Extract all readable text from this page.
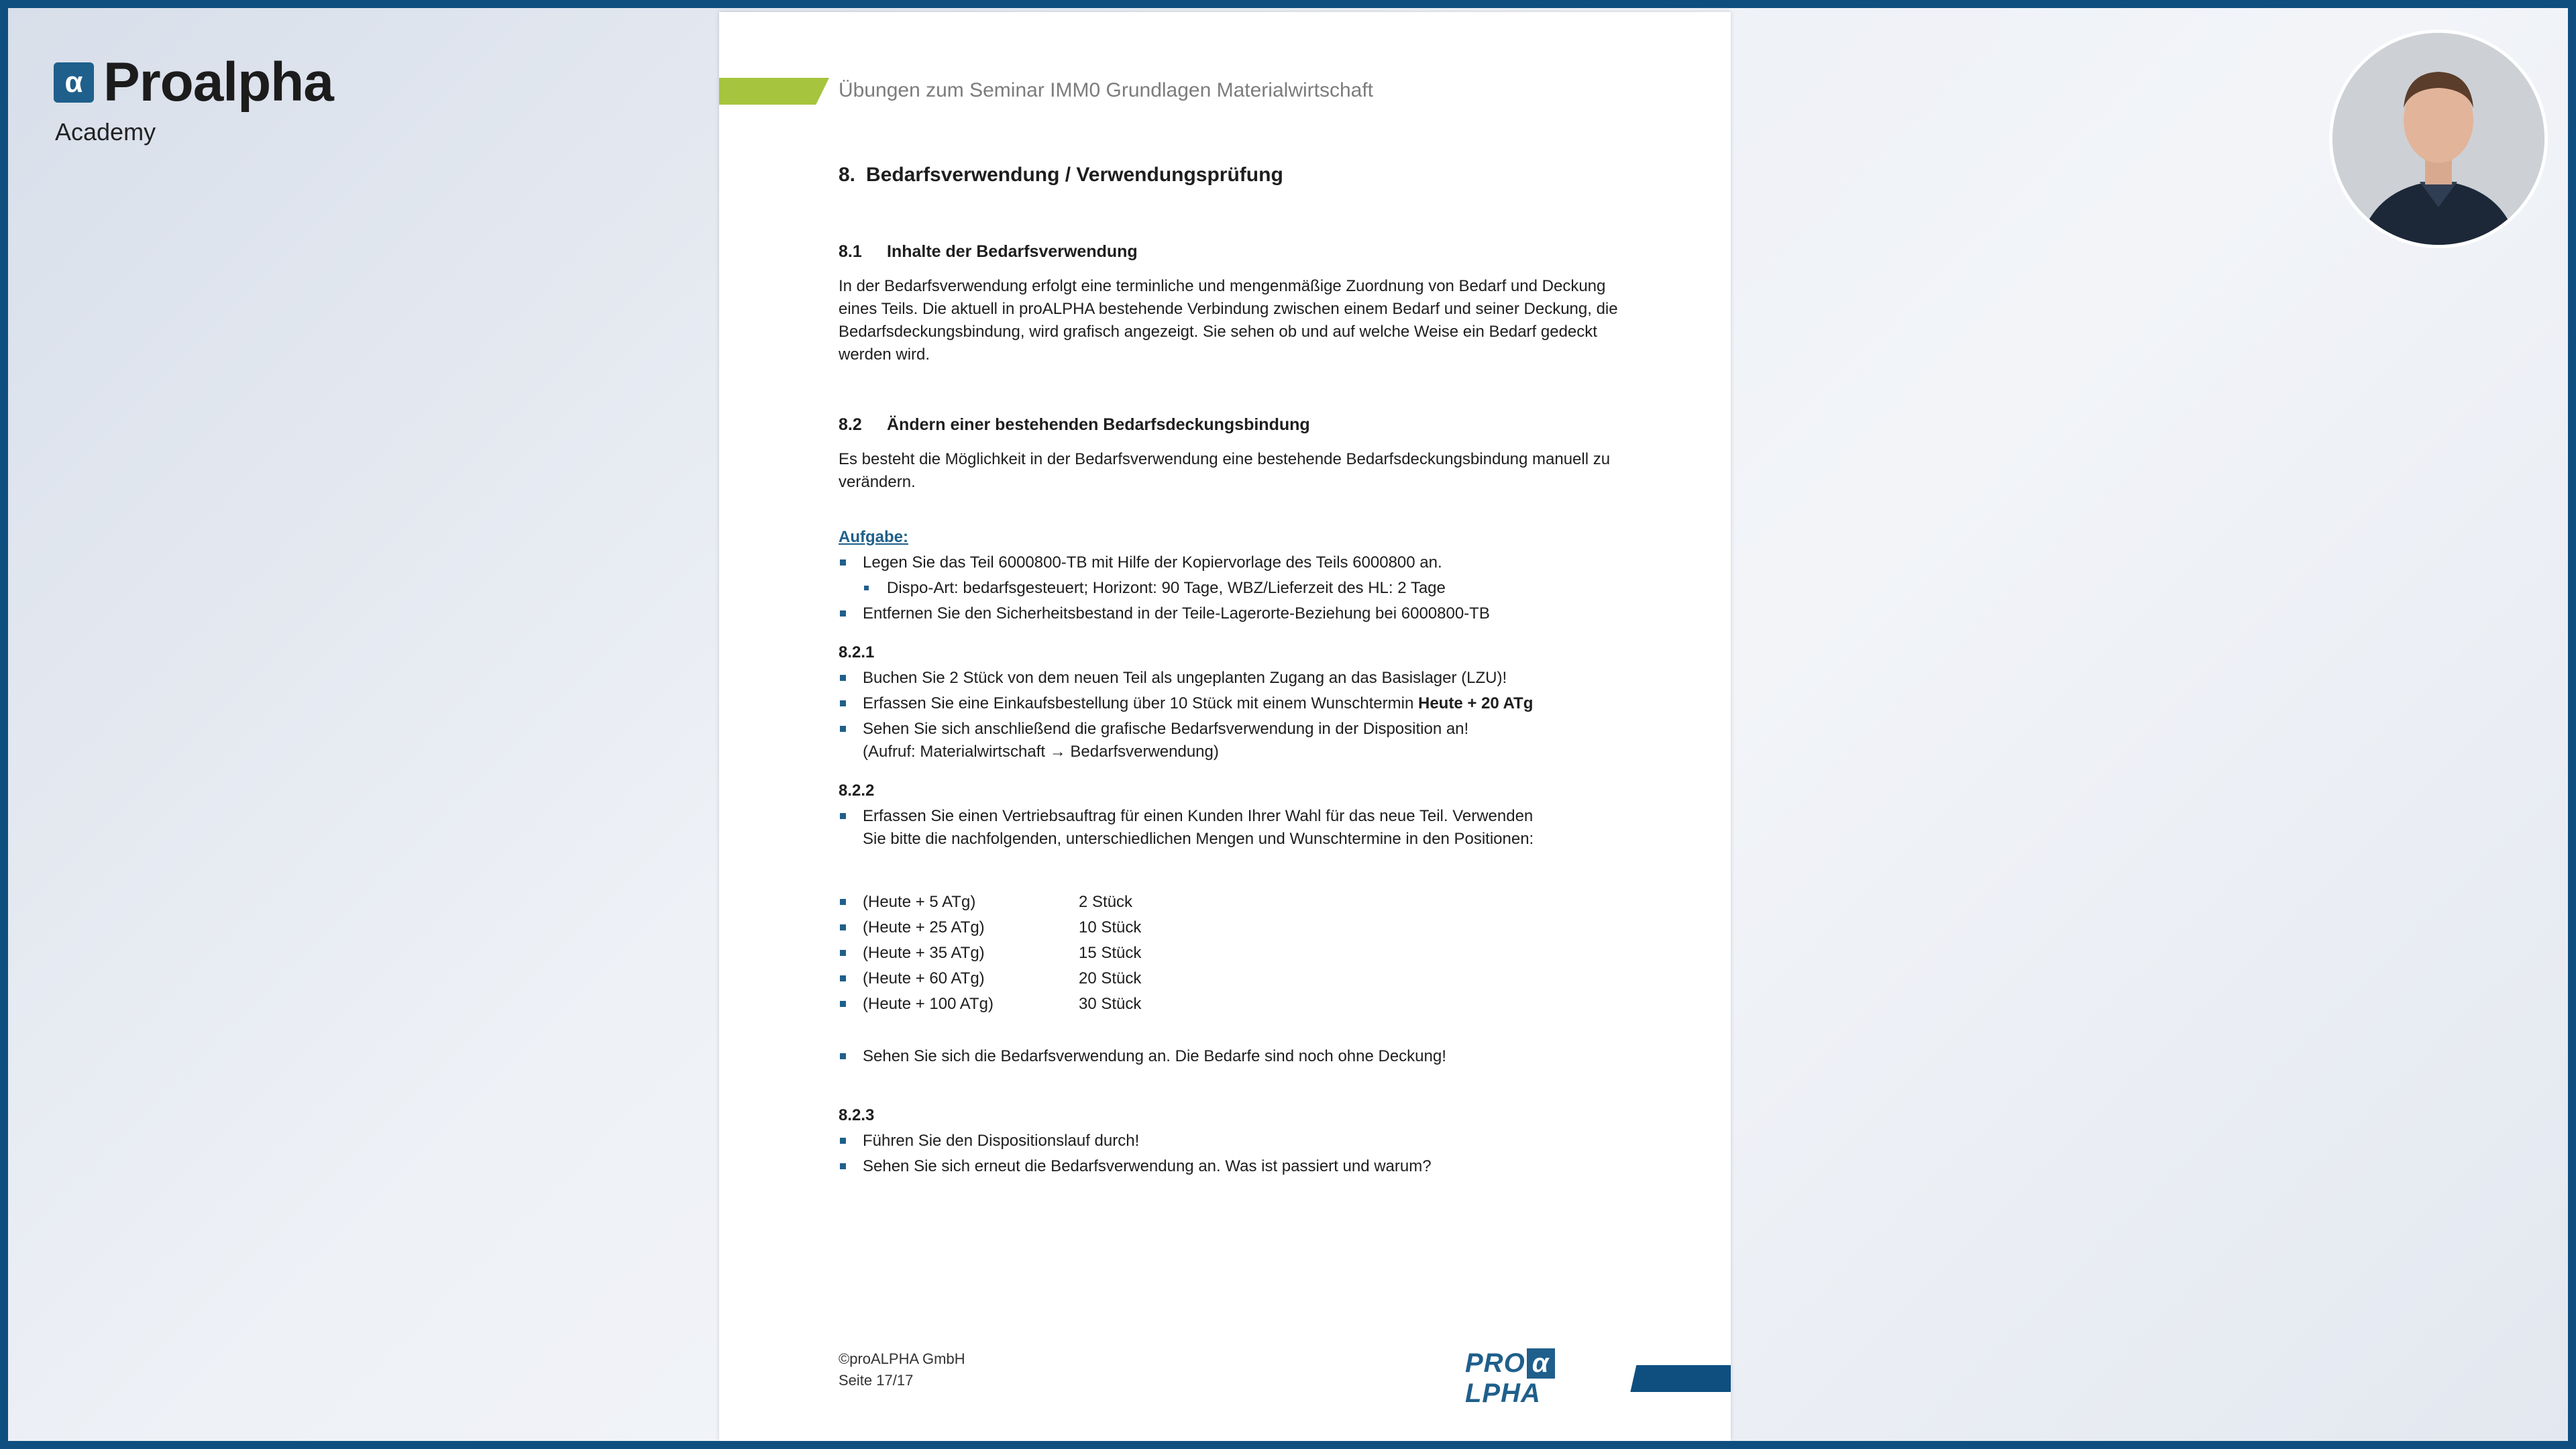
α Proalpha
Academy
Übungen zum Seminar IMM0 Grundlagen Materialwirtschaft
8. Bedarfsverwendung / Verwendungsprüfung
8.1 Inhalte der Bedarfsverwendung
In der Bedarfsverwendung erfolgt eine terminliche und mengenmäßige Zuordnung von Bedarf und Deckung eines Teils. Die aktuell in proALPHA bestehende Verbindung zwischen einem Bedarf und seiner Deckung, die Bedarfsdeckungsbindung, wird grafisch angezeigt. Sie sehen ob und auf welche Weise ein Bedarf gedeckt werden wird.
8.2 Ändern einer bestehenden Bedarfsdeckungsbindung
Es besteht die Möglichkeit in der Bedarfsverwendung eine bestehende Bedarfsdeckungsbindung manuell zu verändern.
Aufgabe:
Legen Sie das Teil 6000800-TB mit Hilfe der Kopiervorlage des Teils 6000800 an.
Dispo-Art: bedarfsgesteuert; Horizont: 90 Tage, WBZ/Lieferzeit des HL: 2 Tage
Entfernen Sie den Sicherheitsbestand in der Teile-Lagerorte-Beziehung bei 6000800-TB
8.2.1
Buchen Sie 2 Stück von dem neuen Teil als ungeplanten Zugang an das Basislager (LZU)!
Erfassen Sie eine Einkaufsbestellung über 10 Stück mit einem Wunschtermin Heute + 20 ATg
Sehen Sie sich anschließend die grafische Bedarfsverwendung in der Disposition an!
(Aufruf: Materialwirtschaft → Bedarfsverwendung)
8.2.2
Erfassen Sie einen Vertriebsauftrag für einen Kunden Ihrer Wahl für das neue Teil. Verwenden
Sie bitte die nachfolgenden, unterschiedlichen Mengen und Wunschtermine in den Positionen:
(Heute + 5 ATg)	2 Stück
(Heute + 25 ATg)	10 Stück
(Heute + 35 ATg)	15 Stück
(Heute + 60 ATg)	20 Stück
(Heute + 100 ATg)	30 Stück
Sehen Sie sich die Bedarfsverwendung an. Die Bedarfe sind noch ohne Deckung!
8.2.3
Führen Sie den Dispositionslauf durch!
Sehen Sie sich erneut die Bedarfsverwendung an. Was ist passiert und warum?
©proALPHA GmbH
Seite 17/17
PRO αLPHA
